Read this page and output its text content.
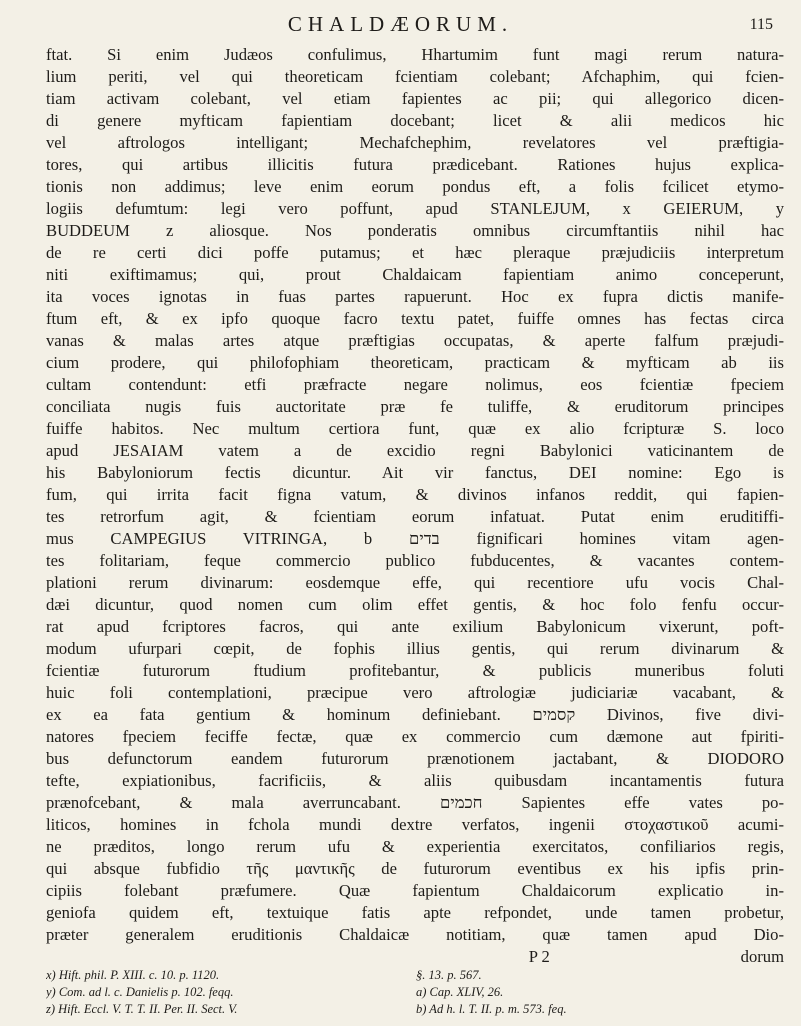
CHALDÆORUM.	115
ftat. Si enim Judæos confulimus, Hhartumim funt magi rerum natura-
lium periti, vel qui theoreticam fcientiam colebant; Afchaphim, qui fcien-
tiam activam colebant, vel etiam fapientes ac pii; qui allegorico dicen-
di genere myfticam fapientiam docebant; licet & alii medicos hic
vel aftrologos intelligant; Mechafchephim, revelatores vel præftigia-
tores, qui artibus illicitis futura prædicebant. Rationes hujus explica-
tionis non addimus; leve enim eorum pondus eft, a folis fcilicet etymo-
logiis defumtum: legi vero poffunt, apud STANLEJUM, x GEIERUM, y
BUDDEUM z aliosque. Nos ponderatis omnibus circumftantiis nihil hac
de re certi dici poffe putamus; et hæc pleraque præjudiciis interpretum
niti exiftimamus; qui, prout Chaldaicam fapientiam animo conceperunt,
ita voces ignotas in fuas partes rapuerunt. Hoc ex fupra dictis manife-
ftum eft, & ex ipfo quoque facro textu patet, fuiffe omnes has fectas circa
vanas & malas artes atque præftigias occupatas, & aperte falfum præjudi-
cium prodere, qui philofophiam theoreticam, practicam & myfticam ab iis
cultam contendunt: etfi præfracte negare nolimus, eos fcientiæ fpeciem
conciliata nugis fuis auctoritate præ fe tuliffe, & eruditorum principes
fuiffe habitos. Nec multum certiora funt, quæ ex alio fcripturæ S. loco
apud JESAIAM vatem a de excidio regni Babylonici vaticinantem de
his Babyloniorum fectis dicuntur. Ait vir fanctus, DEI nomine: Ego is
fum, qui irrita facit figna vatum, & divinos infanos reddit, qui fapien-
tes retrorfum agit, & fcientiam eorum infatuat. Putat enim eruditiffi-
mus CAMPEGIUS VITRINGA, b בדים fignificari homines vitam agen-
tes folitariam, feque commercio publico fubducentes, & vacantes contem-
plationi rerum divinarum: eosdemque effe, qui recentiore ufu vocis Chal-
dæi dicuntur, quod nomen cum olim effet gentis, & hoc folo fenfu occur-
rat apud fcriptores facros, qui ante exilium Babylonicum vixerunt, poft-
modum ufurpari cœpit, de fophis illius gentis, qui rerum divinarum &
fcientiæ futurorum ftudium profitebantur, & publicis muneribus foluti
huic foli contemplationi, præcipue vero aftrologiæ judiciariæ vacabant, &
ex ea fata gentium & hominum definiebant. קסמים Divinos, five divi-
natores fpeciem feciffe fectæ, quæ ex commercio cum dæmone aut fpiriti-
bus defunctorum eandem futurorum prænotionem jactabant, & DIODORO
tefte, expiationibus, facrificiis, & aliis quibusdam incantamentis futura
prænofcebant, & mala averruncabant. חכמים Sapientes effe vates po-
liticos, homines in fchola mundi dextre verfatos, ingenii στοχαστικοῦ acumi-
ne præditos, longo rerum ufu & experientia exercitatos, confiliarios regis,
qui absque fubfidio τῆς μαντικῆς de futurorum eventibus ex his ipfis prin-
cipiis folebant præfumere. Quæ fapientum Chaldaicorum explicatio in-
geniofa quidem eft, textuique fatis apte refpondet, unde tamen probetur,
præter generalem eruditionis Chaldaicæ notitiam, quæ tamen apud Dio-
P 2                                              dorum
x) Hift. phil. P. XIII. c. 10. p. 1120.
y) Com. ad l. c. Danielis p. 102. feqq.
z) Hift. Eccl. V. T. T. II. Per. II. Sect. V.
§. 13. p. 567.
a) Cap. XLIV, 26.
b) Ad h. l. T. II. p. m. 573. feq.
